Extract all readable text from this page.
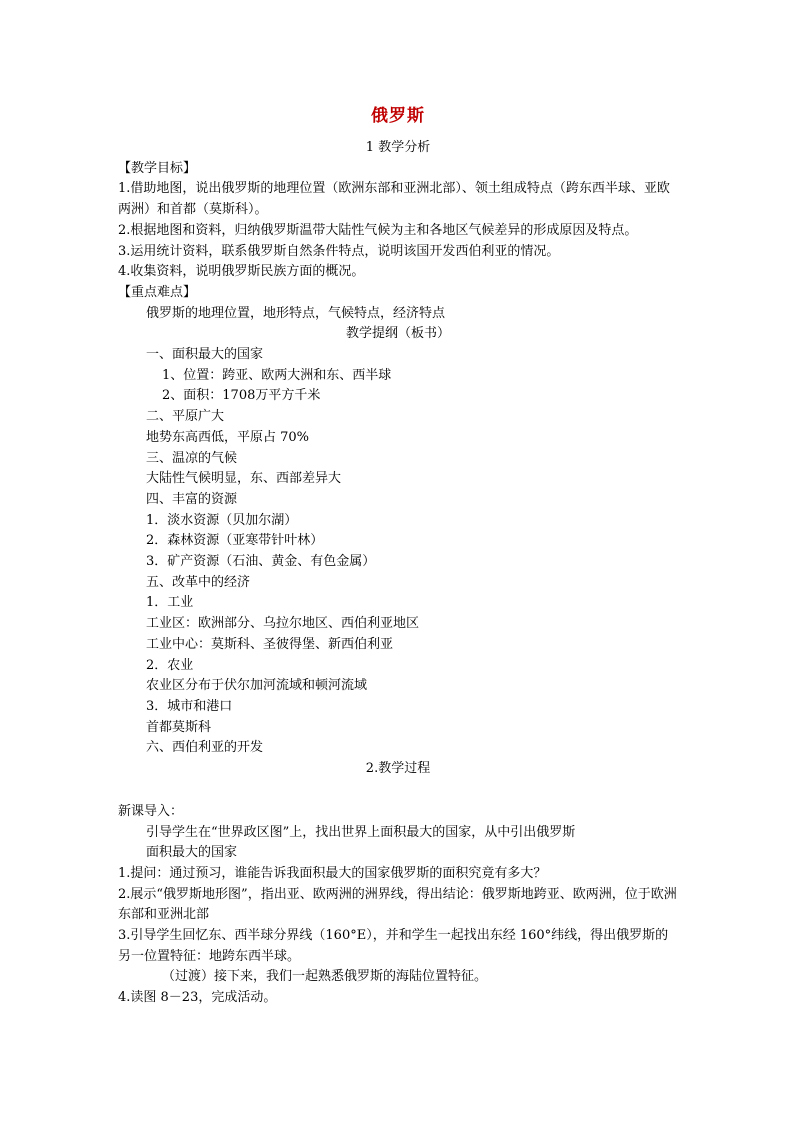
俄罗斯
1 教学分析
【教学目标】
1.借助地图，说出俄罗斯的地理位置（欧洲东部和亚洲北部）、领土组成特点（跨东西半球、亚欧两洲）和首都（莫斯科）。
2.根据地图和资料，归纳俄罗斯温带大陆性气候为主和各地区气候差异的形成原因及特点。
3.运用统计资料，联系俄罗斯自然条件特点，说明该国开发西伯利亚的情况。
4.收集资料，说明俄罗斯民族方面的概况。
【重点难点】
俄罗斯的地理位置，地形特点，气候特点，经济特点
教学提纲（板书）
一、面积最大的国家
1、位置：跨亚、欧两大洲和东、西半球
2、面积：1708万平方千米
二、平原广大
地势东高西低，平原占 70%
三、温凉的气候
大陆性气候明显，东、西部差异大
四、丰富的资源
1．淡水资源（贝加尔湖）
2．森林资源（亚寒带针叶林）
3．矿产资源（石油、黄金、有色金属）
五、改革中的经济
1．工业
工业区：欧洲部分、乌拉尔地区、西伯利亚地区
工业中心：莫斯科、圣彼得堡、新西伯利亚
2．农业
农业区分布于伏尔加河流域和顿河流域
3．城市和港口
首都莫斯科
六、西伯利亚的开发
2.教学过程
新课导入：
引导学生在“世界政区图”上，找出世界上面积最大的国家，从中引出俄罗斯
面积最大的国家
1.提问：通过预习，谁能告诉我面积最大的国家俄罗斯的面积究竟有多大？
2.展示“俄罗斯地形图”，指出亚、欧两洲的洲界线，得出结论：俄罗斯地跨亚、欧两洲，位于欧洲东部和亚洲北部
3.引导学生回忆东、西半球分界线（160°E），并和学生一起找出东经 160°纬线，得出俄罗斯的另一位置特征：地跨东西半球。
（过渡）接下来，我们一起熟悉俄罗斯的海陆位置特征。
4.读图 8－23，完成活动。
